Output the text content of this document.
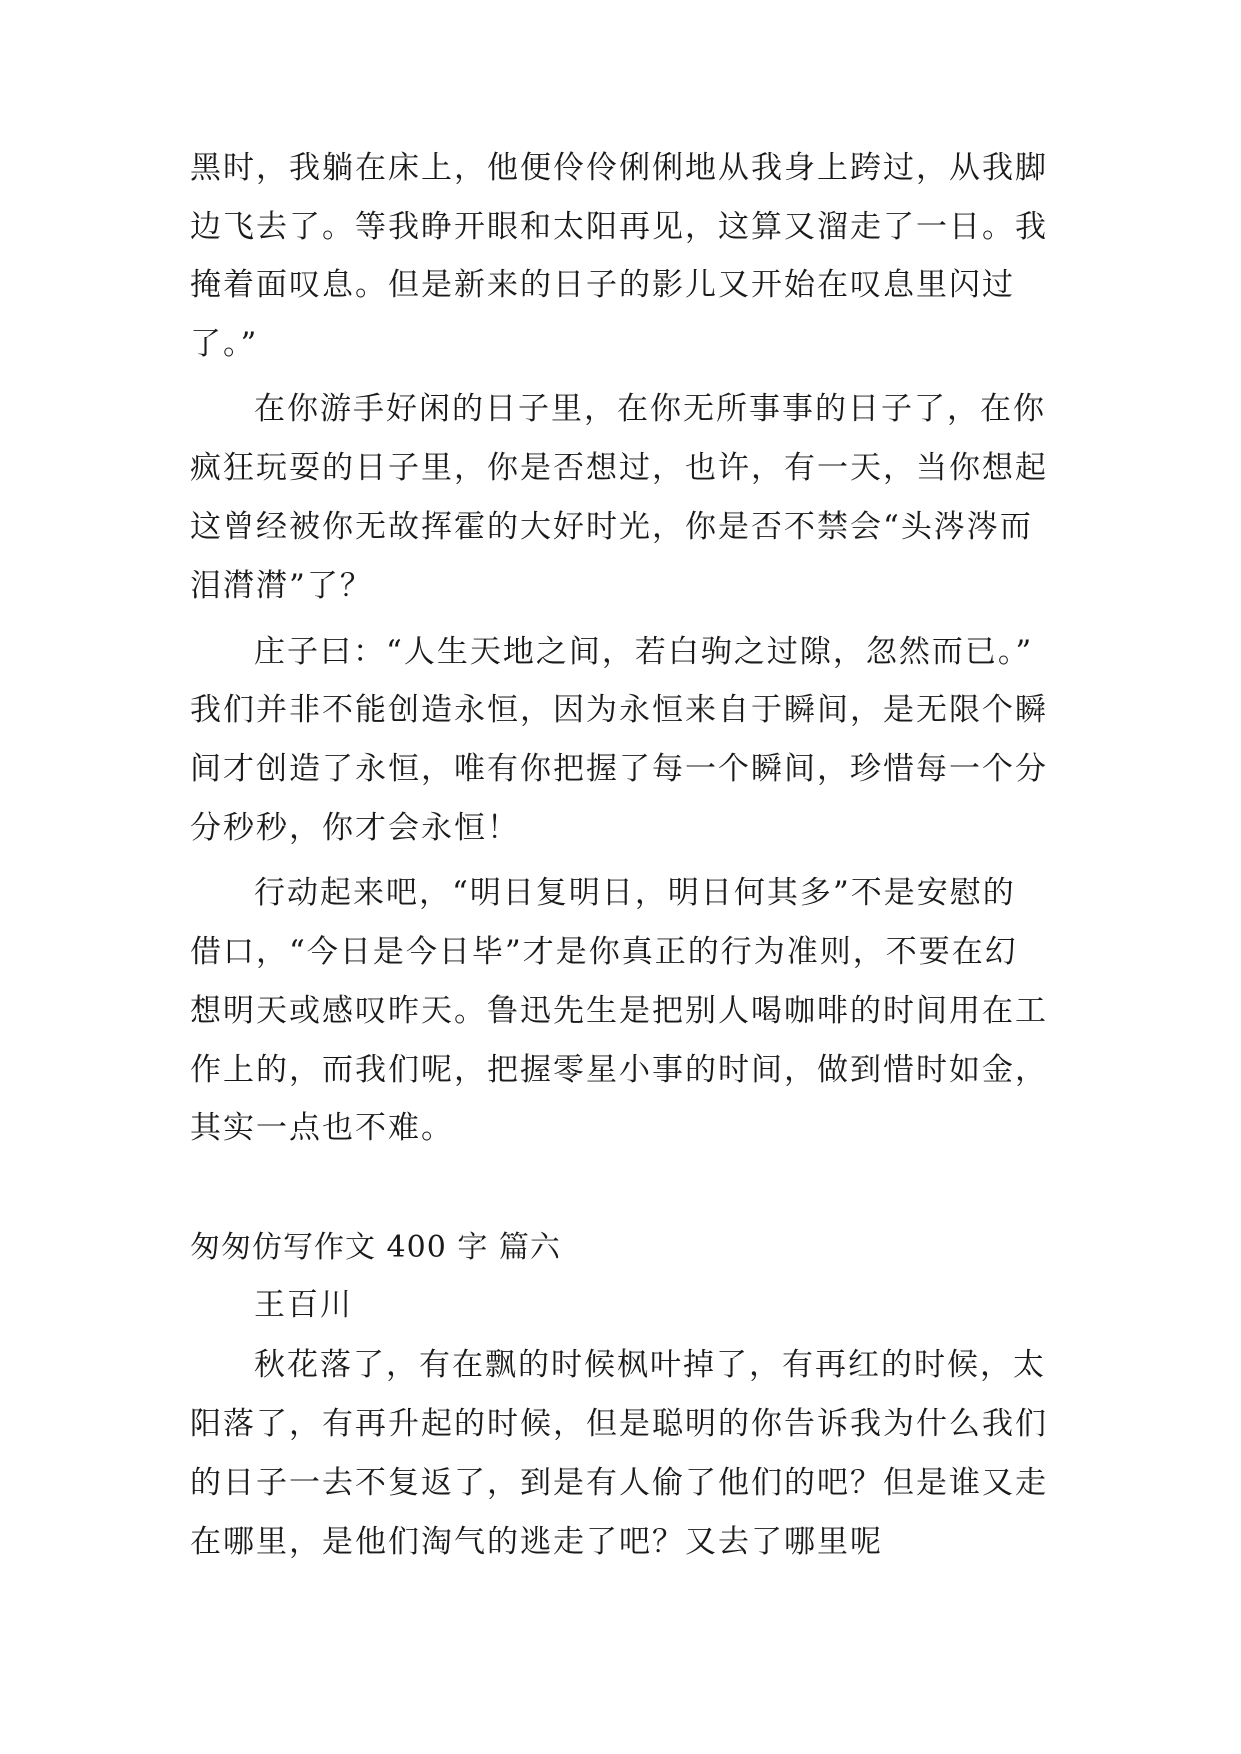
黑时，我躺在床上，他便伶伶俐俐地从我身上跨过，从我脚
边飞去了。等我睁开眼和太阳再见，这算又溜走了一日。我
掩着面叹息。但是新来的日子的影儿又开始在叹息里闪过
了。”
在你游手好闲的日子里，在你无所事事的日子了，在你
疯狂玩耍的日子里，你是否想过，也许，有一天，当你想起
这曾经被你无故挥霍的大好时光，你是否不禁会“头涔涔而
泪潸潸”了？
庄子曰：“人生天地之间，若白驹之过隙，忽然而已。”
我们并非不能创造永恒，因为永恒来自于瞬间，是无限个瞬
间才创造了永恒，唯有你把握了每一个瞬间，珍惜每一个分
分秒秒，你才会永恒！
行动起来吧，“明日复明日，明日何其多”不是安慰的
借口，“今日是今日毕”才是你真正的行为准则，不要在幻
想明天或感叹昨天。鲁迅先生是把别人喝咖啡的时间用在工
作上的，而我们呢，把握零星小事的时间，做到惜时如金，
其实一点也不难。
匆匆仿写作文 400 字 篇六
王百川
秋花落了，有在飘的时候枫叶掉了，有再红的时候，太
阳落了，有再升起的时候，但是聪明的你告诉我为什么我们
的日子一去不复返了，到是有人偷了他们的吧？但是谁又走
在哪里，是他们淘气的逃走了吧？又去了哪里呢
